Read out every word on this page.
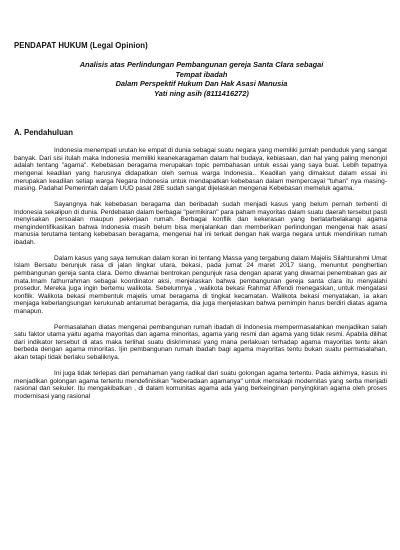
PENDAPAT HUKUM (Legal Opinion)
Analisis atas Perlindungan Pembangunan gereja Santa Clara sebagai
Tempat ibadah
Dalam Perspektif Hukum Dan Hak Asasi Manusia
Yati ning asih (8111416272)
A. Pendahuluan

Indonesia menempati urutan ke empat di dunia sebagai suatu negara yang memiliki jumlah penduduk yang sangat banyak. Dari sisi itulah maka Indonesia memiliki keanekaragaman dalam hal budaya, kebiasaan, dan hal yang paling menonjol adalah tentang "agama". Kebebasan beragama merupakan topic pembahasan untuk essai yang saya buat. Lebih tepatnya mengenai keadilan yang harusnya didapatkan oleh semua warga Indonesia.. Keadilan yang dimaksut dalam essai ini merupakan keadilan setiap warga Negara Indonesia untuk mendapatkan kebebasan dalam mempercayai "tuhan" nya masing-masing. Padahal Pemerintah dalam UUD pasal 28E sudah sangat dijelaskan mengenai Kebebasan memeluk agama.

Sayangnya hak kebebasan beragama dan beribadah sudah menjadi kasus yang belum pernah terhenti di Indonesia sekalipun di dunia. Perdebatan dalam berbagai "permikiran" para paham mayoritas dalam suatu daerah tersebut pasti menyisakan persoalan maupun pekerjaan rumah. Berbagai konflik dan kekerasan yang berlatarbelakangi agama mengindentifikasikan bahwa Indonesia masih belum bisa menjalankan dan memberikan perlindungan mengenai hak asasi manusia terutama tentang kebebasan beragama, mengenai hal ini terkait dengan hak warga negara untuk mendirikan rumah ibadah.

Dalam kasus yang saya temukan dalam koran ini tentang Massa yang tergabung dalam Majelis Silahturahmi Umat Islam Bersatu berunjuk rasa di jalan lingkar utara, bekasi, pada jumat 24 maret 2017 siang, menuntut penghertian pembangunan gereja santa clara. Demo diwarnai bentrokan pengunjuk rasa dengan aparat yang diwarnai penembakan gas air mata.Imam fathurrahman sebagai koordinator aksi, menjelaskan bahwa pembangunan gereja santa clara itu menyalahi prosedur. Mereka juga ingin bertemu walikota. Sebelumnya , walikota bekasi Rahmat Affendi menegaskan, untuk mengatasi konflik. Walikota bekasi membentuk majelis umat beragama di tingkat kecamatan. Walikota bekasi menyatakan, ia akan menjaga keberlangsungan kerukunab antarumat beragama, dia juga menjelaskan bahwa pemimpin harus berdiri diatas agama manapun.

Permasalahan diatas mengenai pembangunan rumah ibadah di Indonesia mempermasalahkan menjadikan salah satu faktor utama yaitu agama mayoritas dan agama minoritas, agama yang resmi dan agama yang tidak resmi. Apabila dilihat dari indikator tersebut di atas maka terlihat suatu diskriminasi yang mana perlakuan terhadap agama mayoritas tentu akan berbeda dengan agama minoritas. Ijin pembangunan rumah ibadah bagi agama mayoritas tentu bukan suatu permasalahan, akan tetapi tidak berlaku sebaliknya.

Ini juga tidak terlepas dari pemahaman yang radikal dari suatu golongan agama tertentu. Pada akhirnya, kasus ini menjadikan golongan agama tertentu mendefinisikan "keberadaan agamanya" untuk mensikapi modernitas yang serba menjadi rasional dan sekuler. Itu mengakibatkan , di dalam komunitas agama ada yang berkeinginan penyingkiran agama oleh proses modernisasi yang rasional
